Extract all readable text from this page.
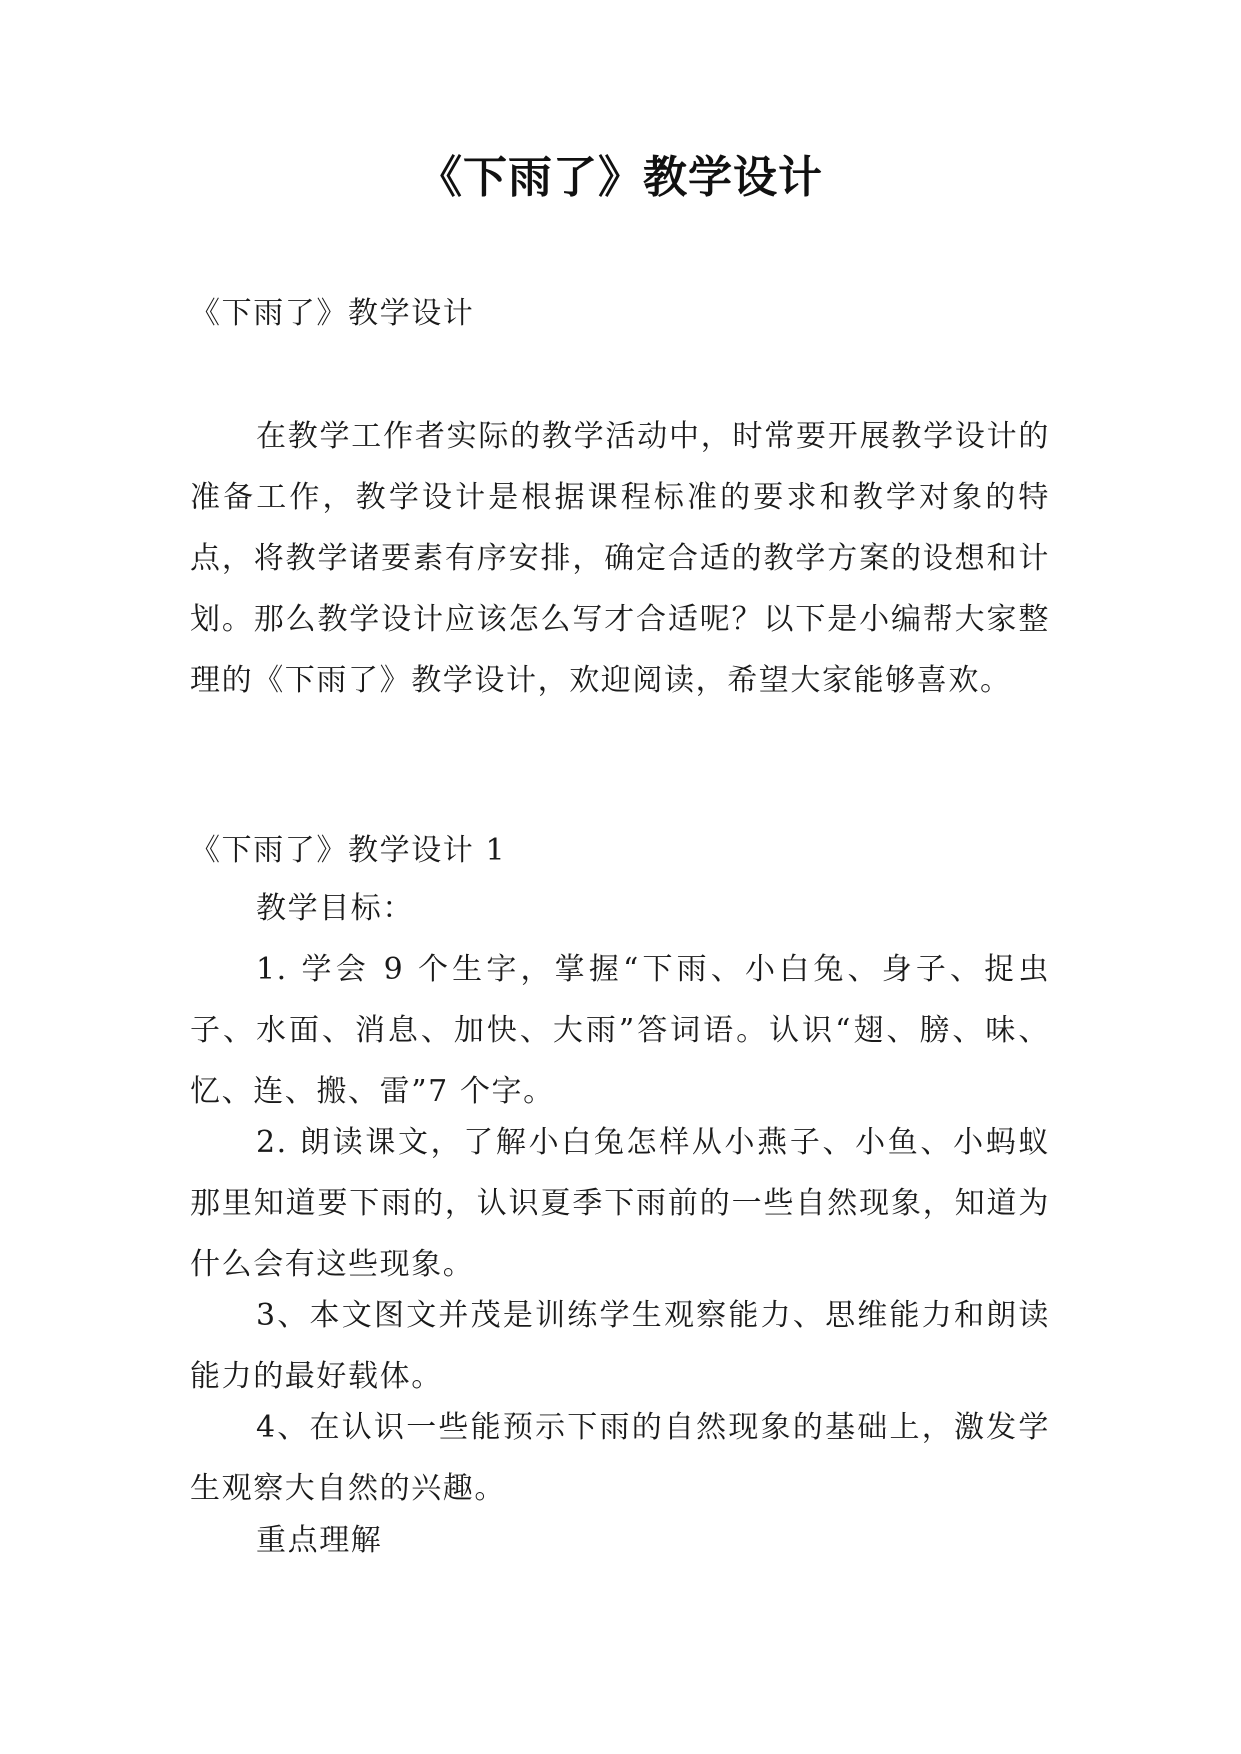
《下雨了》教学设计

《下雨了》教学设计

在教学工作者实际的教学活动中，时常要开展教学设计的准备工作，教学设计是根据课程标准的要求和教学对象的特点，将教学诸要素有序安排，确定合适的教学方案的设想和计划。那么教学设计应该怎么写才合适呢？以下是小编帮大家整理的《下雨了》教学设计，欢迎阅读，希望大家能够喜欢。

《下雨了》教学设计 1

教学目标：

1. 学会 9 个生字，掌握“下雨、小白兔、身子、捉虫子、水面、消息、加快、大雨”答词语。认识“翅、膀、味、忆、连、搬、雷”7 个字。

2. 朗读课文，了解小白兔怎样从小燕子、小鱼、小蚂蚁那里知道要下雨的，认识夏季下雨前的一些自然现象，知道为什么会有这些现象。

3、本文图文并茂是训练学生观察能力、思维能力和朗读能力的最好载体。

4、在认识一些能预示下雨的自然现象的基础上，激发学生观察大自然的兴趣。

重点理解
